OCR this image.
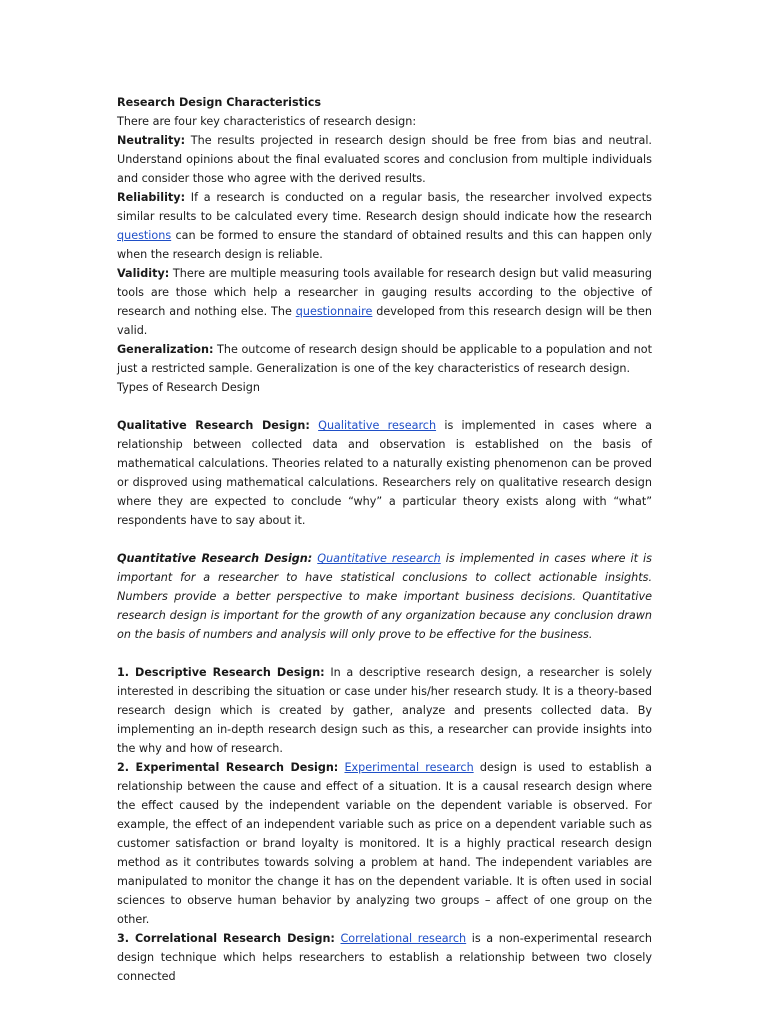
Research Design Characteristics

There are four key characteristics of research design:

Neutrality: The results projected in research design should be free from bias and neutral. Understand opinions about the final evaluated scores and conclusion from multiple individuals and consider those who agree with the derived results.

Reliability: If a research is conducted on a regular basis, the researcher involved expects similar results to be calculated every time. Research design should indicate how the research questions can be formed to ensure the standard of obtained results and this can happen only when the research design is reliable.

Validity: There are multiple measuring tools available for research design but valid measuring tools are those which help a researcher in gauging results according to the objective of research and nothing else. The questionnaire developed from this research design will be then valid.

Generalization: The outcome of research design should be applicable to a population and not just a restricted sample. Generalization is one of the key characteristics of research design.

Types of Research Design

Qualitative Research Design: Qualitative research is implemented in cases where a relationship between collected data and observation is established on the basis of mathematical calculations. Theories related to a naturally existing phenomenon can be proved or disproved using mathematical calculations. Researchers rely on qualitative research design where they are expected to conclude “why” a particular theory exists along with “what” respondents have to say about it.

Quantitative Research Design: Quantitative research is implemented in cases where it is important for a researcher to have statistical conclusions to collect actionable insights. Numbers provide a better perspective to make important business decisions. Quantitative research design is important for the growth of any organization because any conclusion drawn on the basis of numbers and analysis will only prove to be effective for the business.

1. Descriptive Research Design: In a descriptive research design, a researcher is solely interested in describing the situation or case under his/her research study. It is a theory-based research design which is created by gather, analyze and presents collected data. By implementing an in-depth research design such as this, a researcher can provide insights into the why and how of research.

2. Experimental Research Design: Experimental research design is used to establish a relationship between the cause and effect of a situation. It is a causal research design where the effect caused by the independent variable on the dependent variable is observed. For example, the effect of an independent variable such as price on a dependent variable such as customer satisfaction or brand loyalty is monitored. It is a highly practical research design method as it contributes towards solving a problem at hand. The independent variables are manipulated to monitor the change it has on the dependent variable. It is often used in social sciences to observe human behavior by analyzing two groups – affect of one group on the other.

3. Correlational Research Design: Correlational research is a non-experimental research design technique which helps researchers to establish a relationship between two closely connected
